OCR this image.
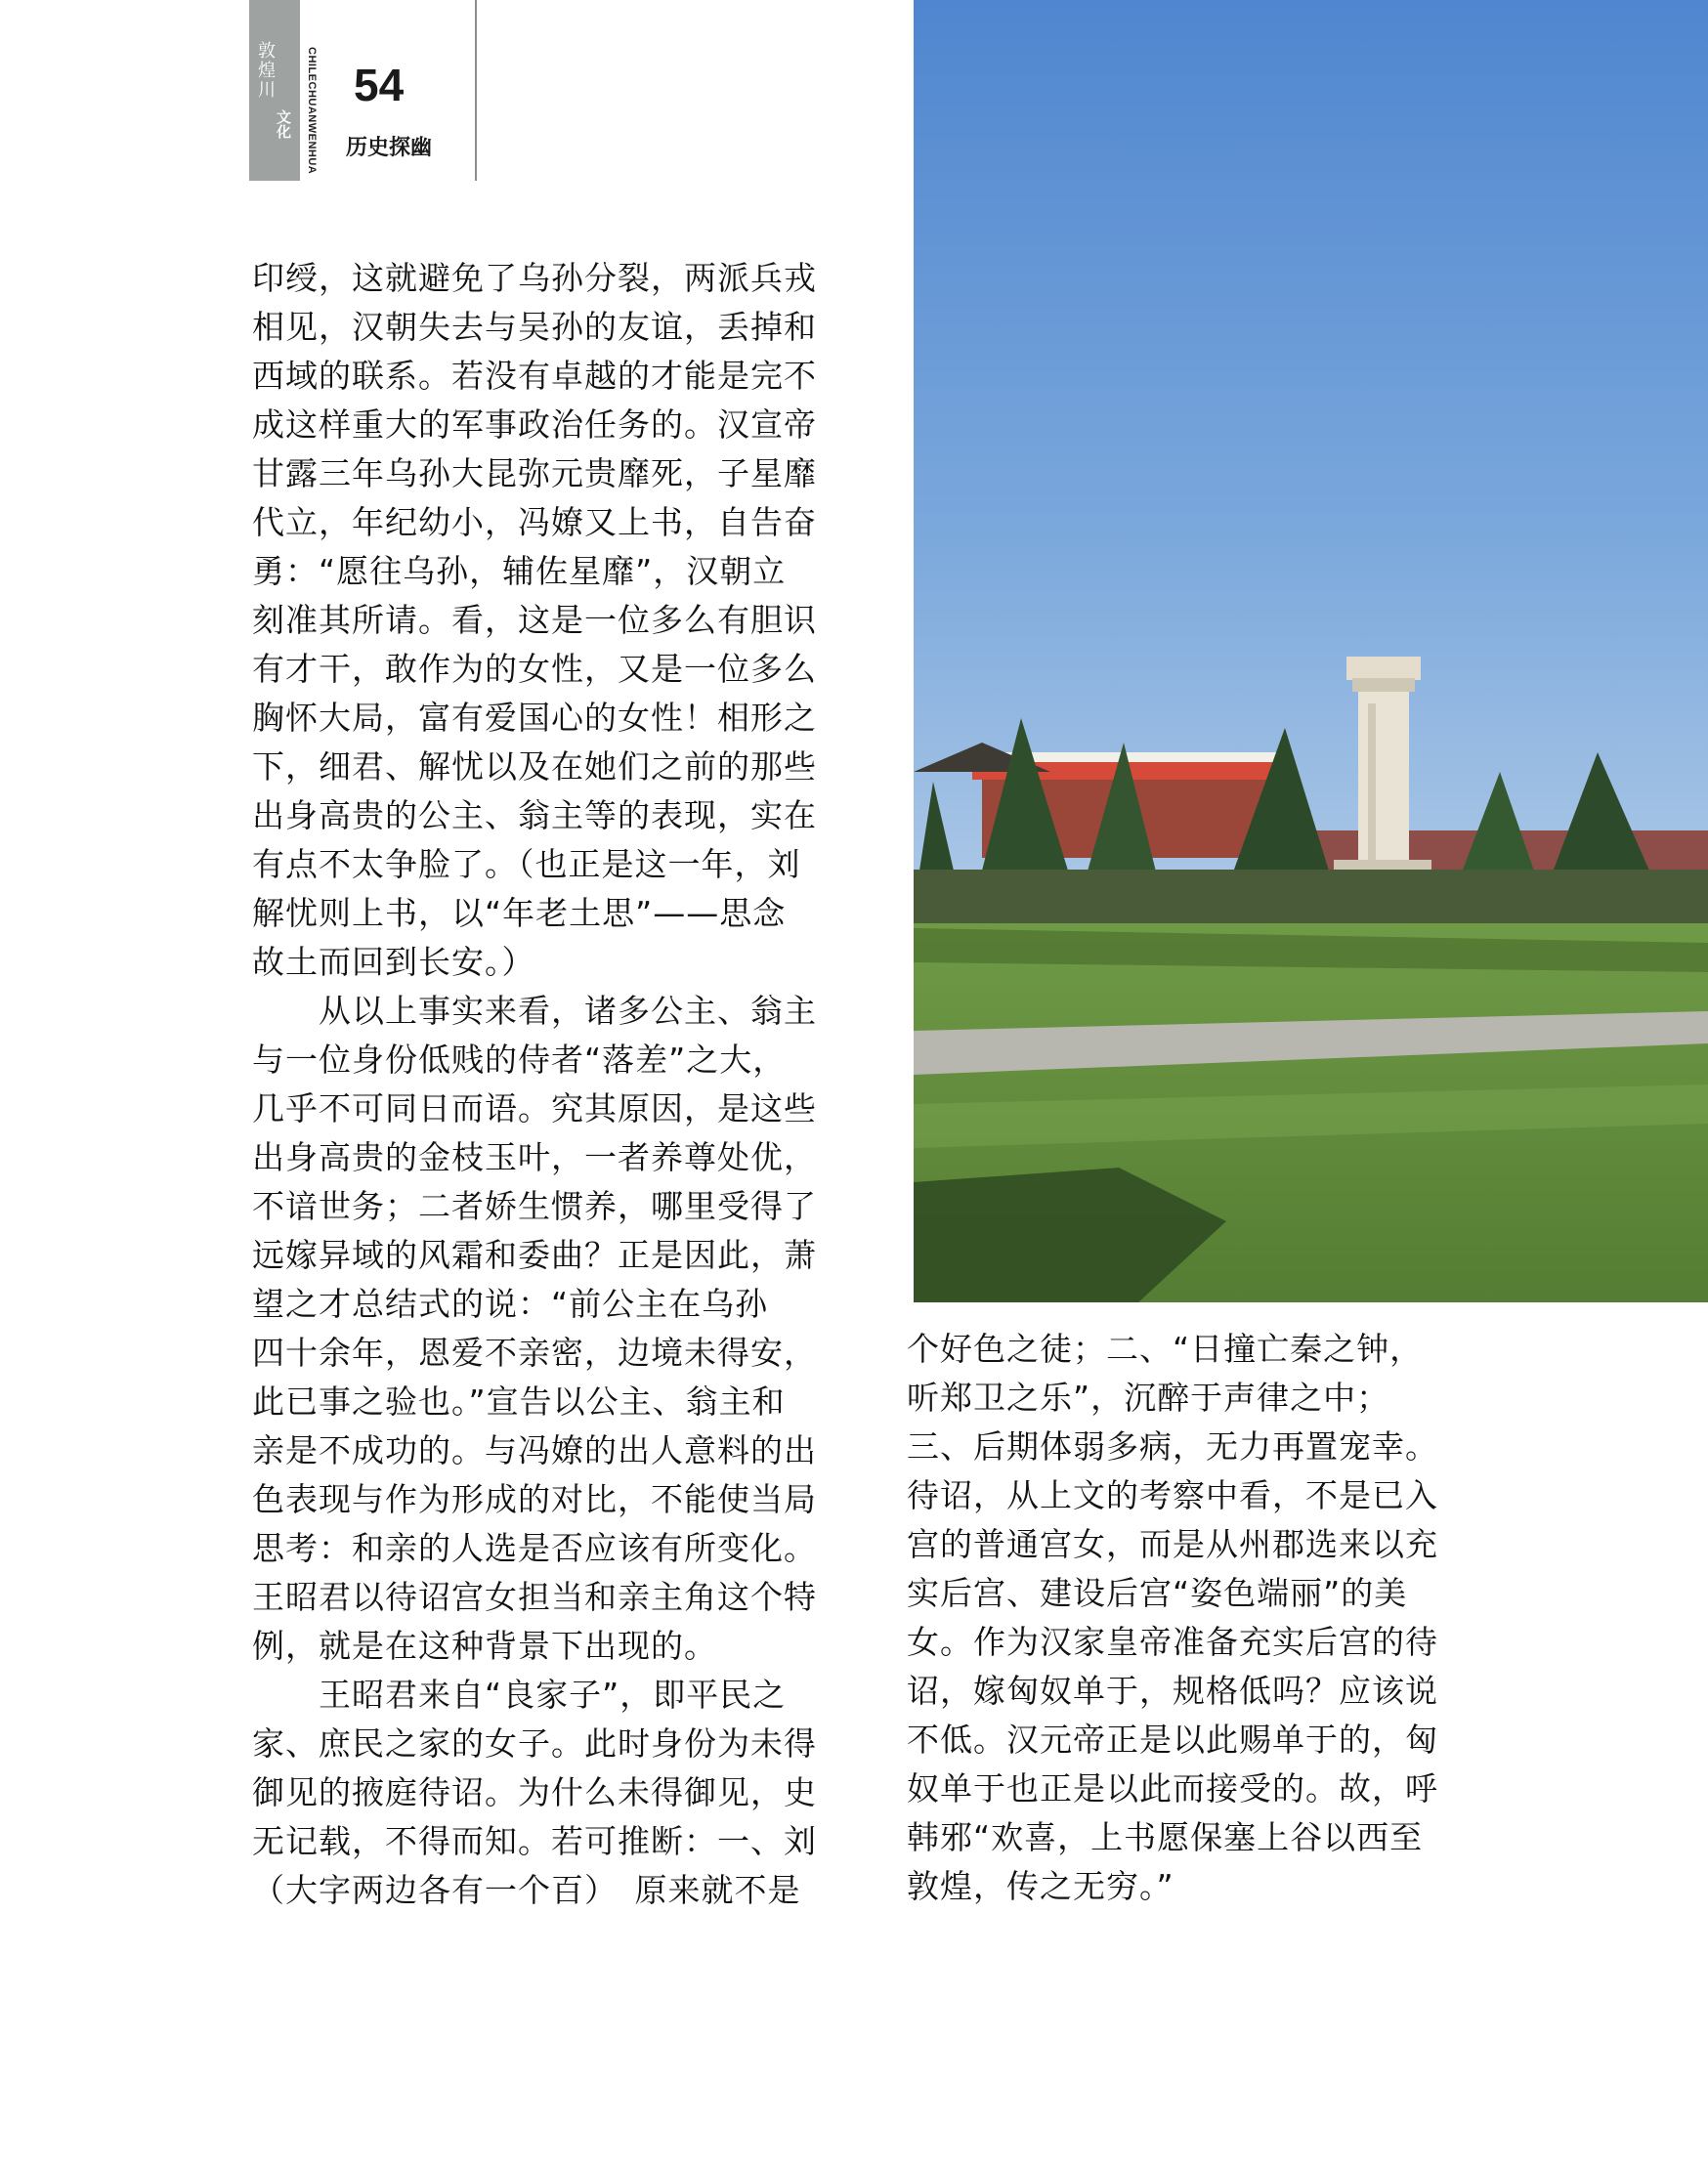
敦煌川
文化	CHILECHUANWENHUA 54
历史探幽

印绶，这就避免了乌孙分裂，两派兵戎

相见，汉朝失去与吴孙的友谊，丢掉和

西域的联系。若没有卓越的才能是完不

成这样重大的军事政治任务的。汉宣帝

甘露三年乌孙大昆弥元贵靡死，子星靡

代立，年纪幼小，冯嫽又上书，自告奋

勇：“愿往乌孙，辅佐星靡”，汉朝立

刻准其所请。看，这是一位多么有胆识

有才干，敢作为的女性，又是一位多么

胸怀大局，富有爱国心的女性！相形之

下，细君、解忧以及在她们之前的那些

出身高贵的公主、翁主等的表现，实在

有点不太争脸了。（也正是这一年，刘

解忧则上书，以“年老土思”——思念

故土而回到长安。）

　　从以上事实来看，诸多公主、翁主

与一位身份低贱的侍者“落差”之大，

几乎不可同日而语。究其原因，是这些

出身高贵的金枝玉叶，一者养尊处优，

不谙世务；二者娇生惯养，哪里受得了

远嫁异域的风霜和委曲？正是因此，萧

望之才总结式的说：“前公主在乌孙

四十余年，恩爱不亲密，边境未得安，

此已事之验也。”宣告以公主、翁主和

亲是不成功的。与冯嫽的出人意料的出

色表现与作为形成的对比，不能使当局

思考：和亲的人选是否应该有所变化。

王昭君以待诏宫女担当和亲主角这个特

例，就是在这种背景下出现的。

　　王昭君来自“良家子”，即平民之

家、庶民之家的女子。此时身份为未得

御见的掖庭待诏。为什么未得御见，史

无记载，不得而知。若可推断：一、刘

（大字两边各有一个百）　原来就不是

个好色之徒；二、“日撞亡秦之钟，

听郑卫之乐”，沉醉于声律之中；

三、后期体弱多病，无力再置宠幸。

待诏，从上文的考察中看，不是已入

宫的普通宫女，而是从州郡选来以充

实后宫、建设后宫“姿色端丽”的美

女。作为汉家皇帝准备充实后宫的待

诏，嫁匈奴单于，规格低吗？应该说

不低。汉元帝正是以此赐单于的，匈

奴单于也正是以此而接受的。故，呼

韩邪“欢喜，上书愿保塞上谷以西至

敦煌，传之无穷。”
